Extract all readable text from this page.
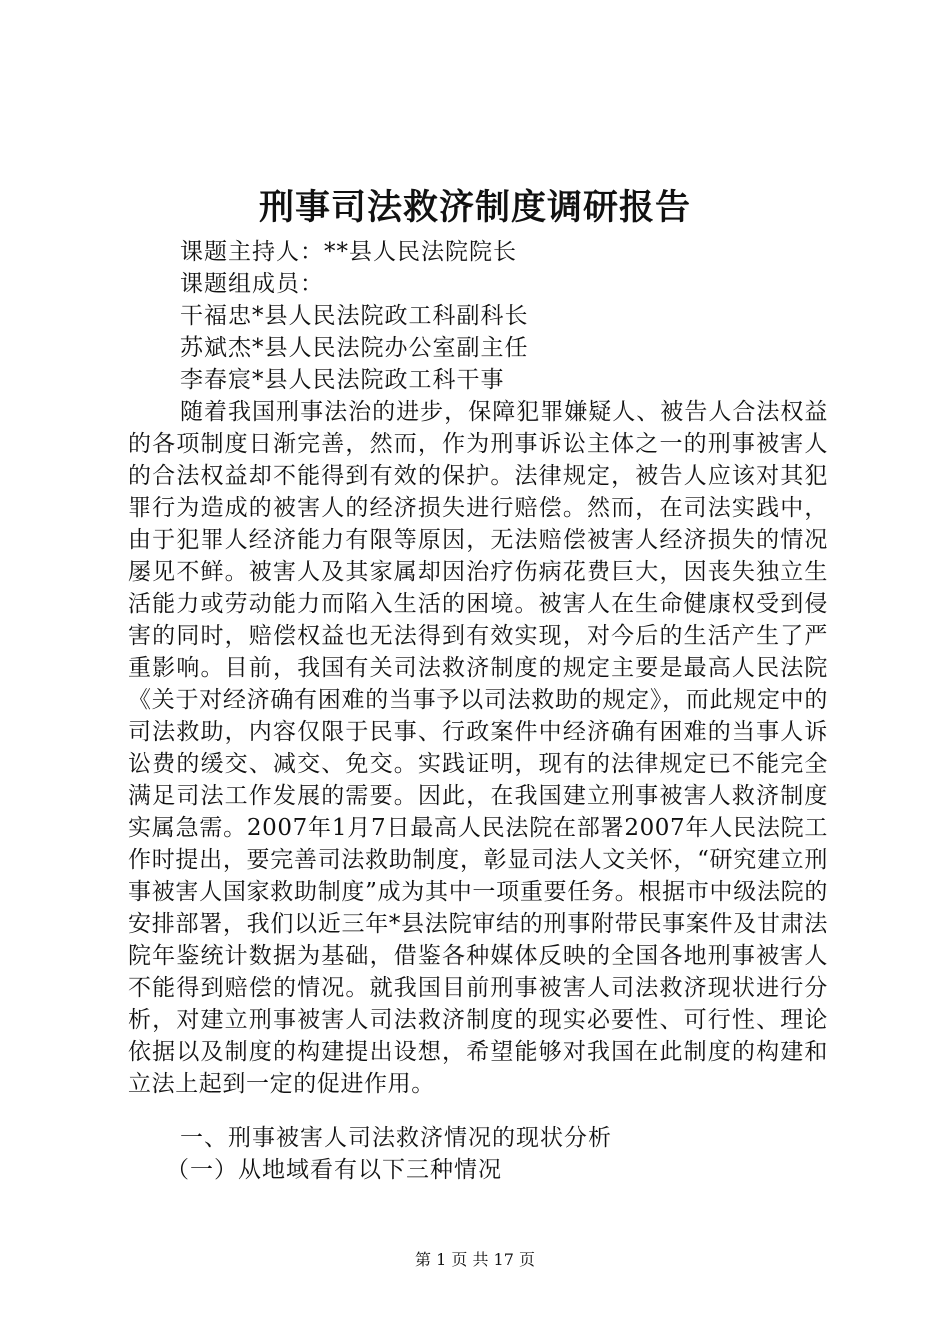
刑事司法救济制度调研报告
课题主持人：**县人民法院院长
课题组成员：
干福忠*县人民法院政工科副科长
苏斌杰*县人民法院办公室副主任
李春宸*县人民法院政工科干事

随着我国刑事法治的进步，保障犯罪嫌疑人、被告人合法权益的各项制度日渐完善，然而，作为刑事诉讼主体之一的刑事被害人的合法权益却不能得到有效的保护。法律规定，被告人应该对其犯罪行为造成的被害人的经济损失进行赔偿。然而，在司法实践中，由于犯罪人经济能力有限等原因，无法赔偿被害人经济损失的情况屡见不鲜。被害人及其家属却因治疗伤病花费巨大，因丧失独立生活能力或劳动能力而陷入生活的困境。被害人在生命健康权受到侵害的同时，赔偿权益也无法得到有效实现，对今后的生活产生了严重影响。目前，我国有关司法救济制度的规定主要是最高人民法院《关于对经济确有困难的当事予以司法救助的规定》，而此规定中的司法救助，内容仅限于民事、行政案件中经济确有困难的当事人诉讼费的缓交、减交、免交。实践证明，现有的法律规定已不能完全满足司法工作发展的需要。因此，在我国建立刑事被害人救济制度实属急需。2007年1月7日最高人民法院在部署2007年人民法院工作时提出，要完善司法救助制度，彰显司法人文关怀，“研究建立刑事被害人国家救助制度”成为其中一项重要任务。根据市中级法院的安排部署，我们以近三年*县法院审结的刑事附带民事案件及甘肃法院年鉴统计数据为基础，借鉴各种媒体反映的全国各地刑事被害人不能得到赔偿的情况。就我国目前刑事被害人司法救济现状进行分析，对建立刑事被害人司法救济制度的现实必要性、可行性、理论依据以及制度的构建提出设想，希望能够对我国在此制度的构建和立法上起到一定的促进作用。

一、刑事被害人司法救济情况的现状分析
（一）从地域看有以下三种情况
第 1 页 共 17 页
